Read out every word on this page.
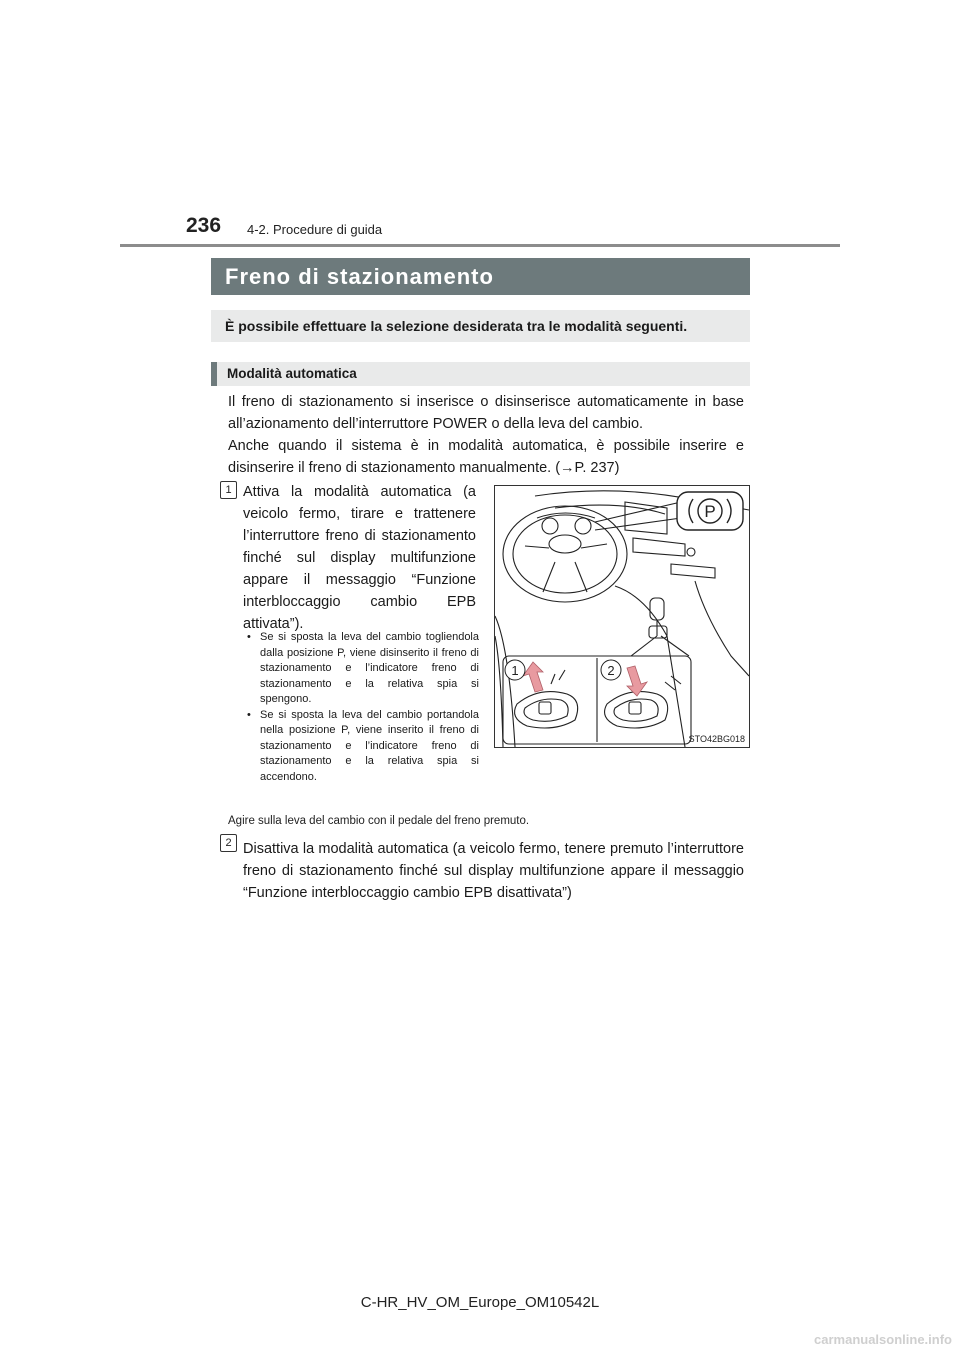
236 4-2. Procedure di guida
Freno di stazionamento
È possibile effettuare la selezione desiderata tra le modalità seguenti.
Modalità automatica

Il freno di stazionamento si inserisce o disinserisce automaticamente in base all’azionamento dell’interruttore POWER o della leva del cambio.

Anche quando il sistema è in modalità automatica, è possibile inserire e disinserire il freno di stazionamento manualmente. (→P. 237)

1 Attiva la modalità automatica (a veicolo fermo, tirare e trattenere l’interruttore freno di stazionamento finché sul display multifunzione appare il messaggio “Funzione interbloccaggio cambio EPB attivata”).

• Se si sposta la leva del cambio togliendola dalla posizione P, viene disinserito il freno di stazionamento e l’indicatore freno di stazionamento e la relativa spia si spengono.
• Se si sposta la leva del cambio portandola nella posizione P, viene inserito il freno di stazionamento e l’indicatore freno di stazionamento e la relativa spia si accendono.
Agire sulla leva del cambio con il pedale del freno premuto.
2 Disattiva la modalità automatica (a veicolo fermo, tenere premuto l’interruttore freno di stazionamento finché sul display multifunzione appare il messaggio “Funzione interbloccaggio cambio EPB disattivata”)

P
1	2
STO42BG018
C-HR_HV_OM_Europe_OM10542L
carmanualsonline.info
